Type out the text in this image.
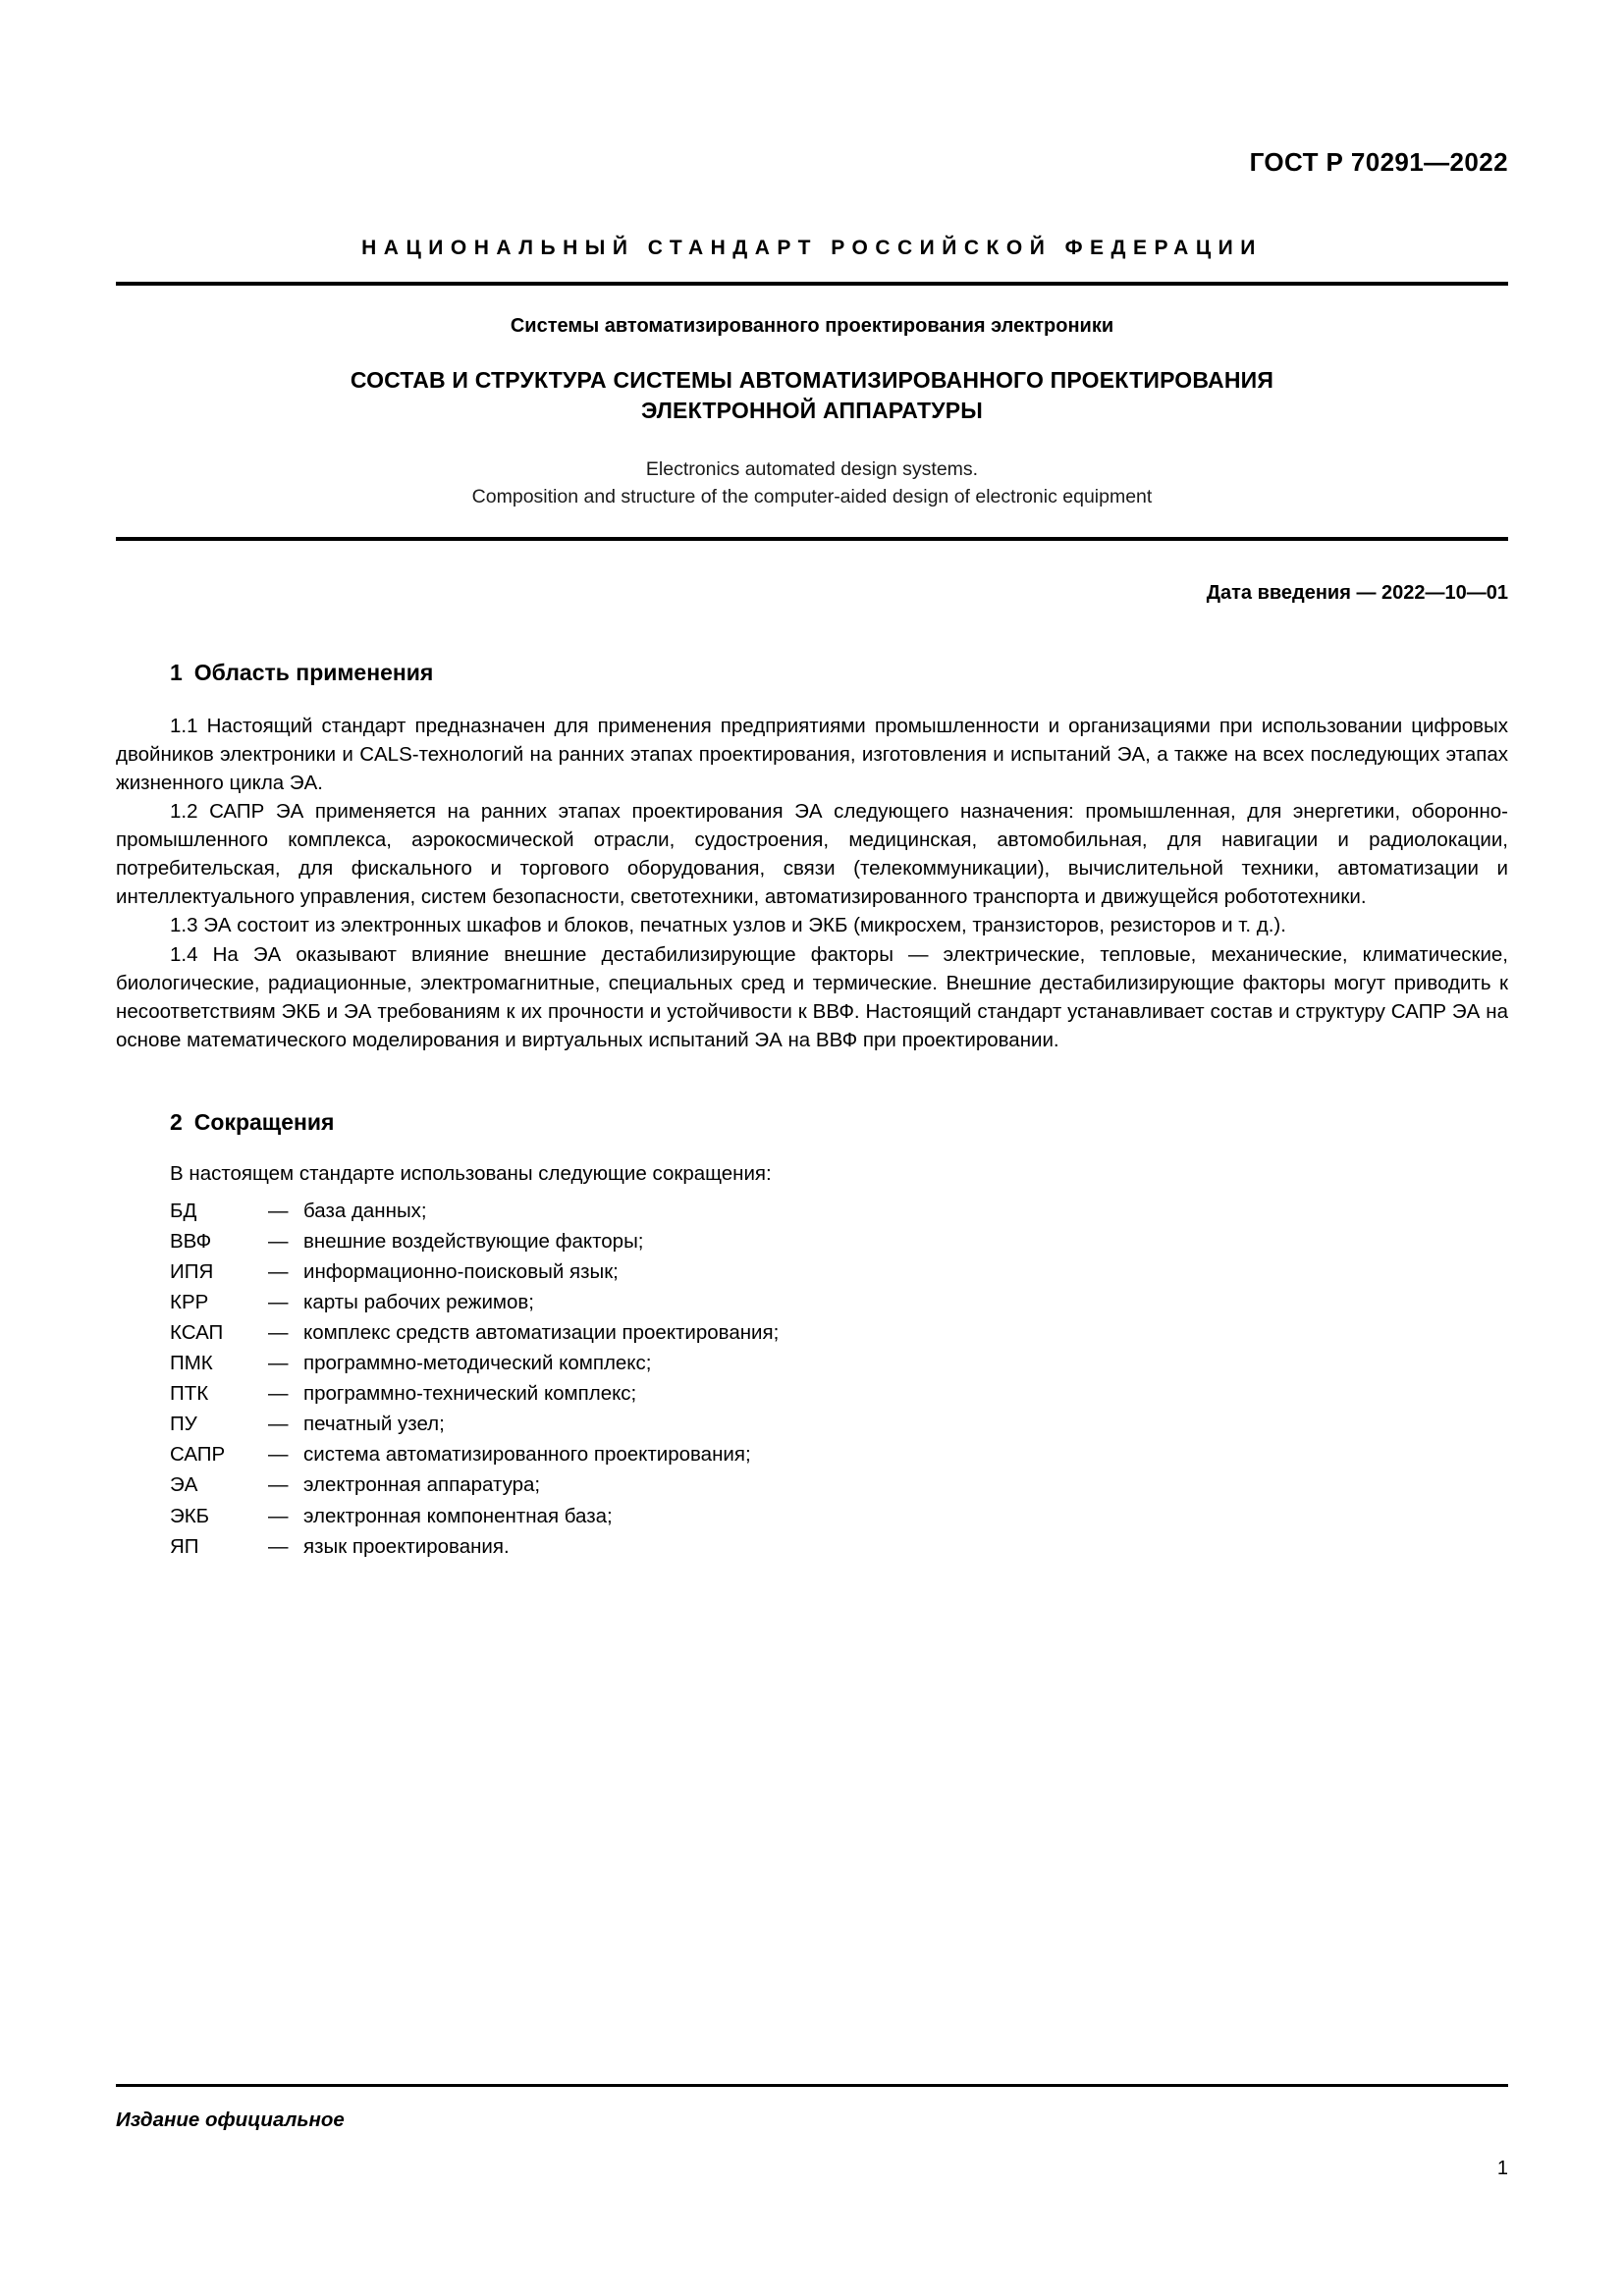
ГОСТ Р 70291—2022
НАЦИОНАЛЬНЫЙ СТАНДАРТ РОССИЙСКОЙ ФЕДЕРАЦИИ
Системы автоматизированного проектирования электроники
СОСТАВ И СТРУКТУРА СИСТЕМЫ АВТОМАТИЗИРОВАННОГО ПРОЕКТИРОВАНИЯ
ЭЛЕКТРОННОЙ АППАРАТУРЫ
Electronics automated design systems.
Composition and structure of the computer-aided design of electronic equipment
Дата введения — 2022—10—01
1 Область применения

1.1 Настоящий стандарт предназначен для применения предприятиями промышленности и организациями при использовании цифровых двойников электроники и CALS-технологий на ранних этапах проектирования, изготовления и испытаний ЭА, а также на всех последующих этапах жизненного цикла ЭА.

1.2 САПР ЭА применяется на ранних этапах проектирования ЭА следующего назначения: промышленная, для энергетики, оборонно-промышленного комплекса, аэрокосмической отрасли, судостроения, медицинская, автомобильная, для навигации и радиолокации, потребительская, для фискального и торгового оборудования, связи (телекоммуникации), вычислительной техники, автоматизации и интеллектуального управления, систем безопасности, светотехники, автоматизированного транспорта и движущейся робототехники.

1.3 ЭА состоит из электронных шкафов и блоков, печатных узлов и ЭКБ (микросхем, транзисторов, резисторов и т. д.).

1.4 На ЭА оказывают влияние внешние дестабилизирующие факторы — электрические, тепловые, механические, климатические, биологические, радиационные, электромагнитные, специальных сред и термические. Внешние дестабилизирующие факторы могут приводить к несоответствиям ЭКБ и ЭА требованиям к их прочности и устойчивости к ВВФ. Настоящий стандарт устанавливает состав и структуру САПР ЭА на основе математического моделирования и виртуальных испытаний ЭА на ВВФ при проектировании.

2 Сокращения

В настоящем стандарте использованы следующие сокращения:

БД	—	база данных;
ВВФ	—	внешние воздействующие факторы;
ИПЯ	—	информационно-поисковый язык;
КРР	—	карты рабочих режимов;
КСАП	—	комплекс средств автоматизации проектирования;
ПМК	—	программно-методический комплекс;
ПТК	—	программно-технический комплекс;
ПУ	—	печатный узел;
САПР	—	система автоматизированного проектирования;
ЭА	—	электронная аппаратура;
ЭКБ	—	электронная компонентная база;
ЯП	—	язык проектирования.
Издание официальное
1
